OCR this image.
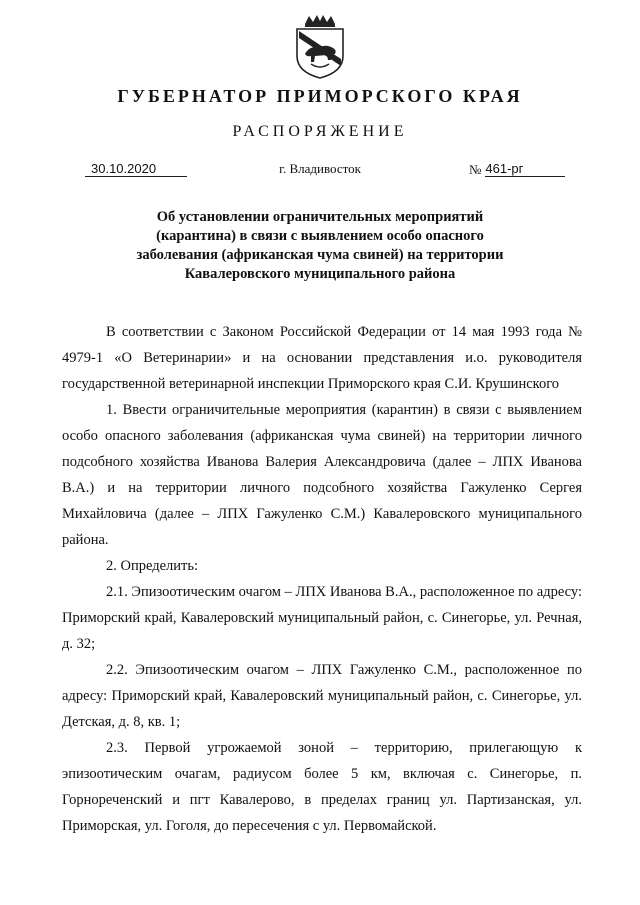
ГУБЕРНАТОР ПРИМОРСКОГО КРАЯ
РАСПОРЯЖЕНИЕ
30.10.2020	г. Владивосток	№ 461-рг
Об установлении ограничительных мероприятий
(карантина) в связи с выявлением особо опасного
заболевания (африканская чума свиней) на территории
Кавалеровского муниципального района

В соответствии с Законом Российской Федерации от 14 мая 1993 года № 4979-1 «О Ветеринарии» и на основании представления и.о. руководителя государственной ветеринарной инспекции Приморского края С.И. Крушинского

1. Ввести ограничительные мероприятия (карантин) в связи с выявлением особо опасного заболевания (африканская чума свиней) на территории личного подсобного хозяйства Иванова Валерия Александровича (далее – ЛПХ Иванова В.А.) и на территории личного подсобного хозяйства Гажуленко Сергея Михайловича (далее – ЛПХ Гажуленко С.М.) Кавалеровского муниципального района.

2. Определить:

2.1. Эпизоотическим очагом – ЛПХ Иванова В.А., расположенное по адресу: Приморский край, Кавалеровский муниципальный район, с. Синегорье, ул. Речная, д. 32;

2.2. Эпизоотическим очагом – ЛПХ Гажуленко С.М., расположенное по адресу: Приморский край, Кавалеровский муниципальный район, с. Синегорье, ул. Детская, д. 8, кв. 1;

2.3. Первой угрожаемой зоной – территорию, прилегающую к эпизоотическим очагам, радиусом более 5 км, включая с. Синегорье, п. Горнореченский и пгт Кавалерово, в пределах границ ул. Партизанская, ул. Приморская, ул. Гоголя, до пересечения с ул. Первомайской.
